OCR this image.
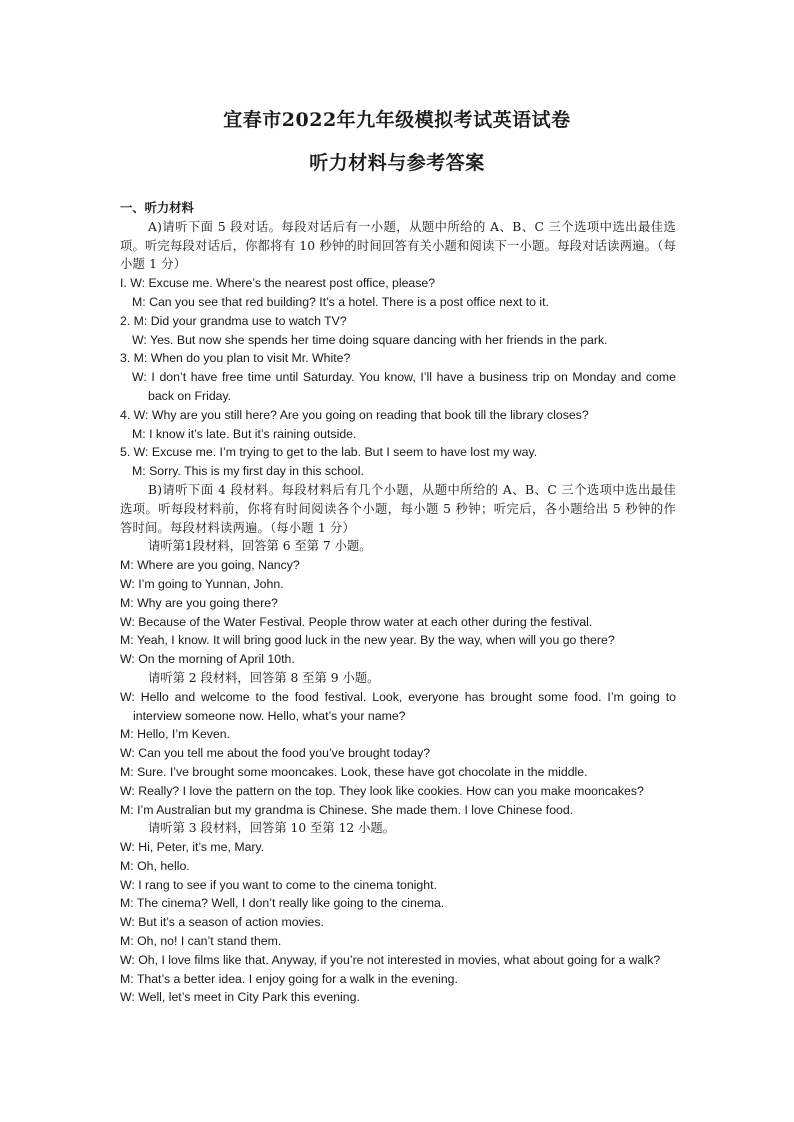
宜春市2022年九年级模拟考试英语试卷
听力材料与参考答案
一、听力材料
A)请听下面 5 段对话。每段对话后有一小题，从题中所给的 A、B、C 三个选项中选出最佳选项。听完每段对话后，你都将有 10 秒钟的时间回答有关小题和阅读下一小题。每段对话读两遍。（每小题 1 分）
I. W: Excuse me. Where’s the nearest post office, please?
M: Can you see that red building? It’s a hotel. There is a post office next to it.
2. M: Did your grandma use to watch TV?
W: Yes. But now she spends her time doing square dancing with her friends in the park.
3. M: When do you plan to visit Mr. White?
W: I don’t have free time until Saturday. You know, I’ll have a business trip on Monday and come back on Friday.
4. W: Why are you still here? Are you going on reading that book till the library closes?
M: I know it’s late. But it’s raining outside.
5. W: Excuse me. I’m trying to get to the lab. But I seem to have lost my way.
M: Sorry. This is my first day in this school.
B)请听下面 4 段材料。每段材料后有几个小题，从题中所给的 A、B、C 三个选项中选出最佳选项。听每段材料前，你将有时间阅读各个小题，每小题 5 秒钟；听完后，各小题给出 5 秒钟的作答时间。每段材料读两遍。（每小题 1 分）
请听第1段材料，回答第 6 至第 7 小题。
M: Where are you going, Nancy?
W: I’m going to Yunnan, John.
M: Why are you going there?
W: Because of the Water Festival. People throw water at each other during the festival.
M: Yeah, I know. It will bring good luck in the new year. By the way, when will you go there?
W: On the morning of April 10th.
请听第 2 段材料，回答第 8 至第 9 小题。
W: Hello and welcome to the food festival. Look, everyone has brought some food. I’m going to interview someone now. Hello, what’s your name?
M: Hello, I’m Keven.
W: Can you tell me about the food you’ve brought today?
M: Sure. I’ve brought some mooncakes. Look, these have got chocolate in the middle.
W: Really? I love the pattern on the top. They look like cookies. How can you make mooncakes?
M: I’m Australian but my grandma is Chinese. She made them. I love Chinese food.
请听第 3 段材料，回答第 10 至第 12 小题。
W: Hi, Peter, it’s me, Mary.
M: Oh, hello.
W: I rang to see if you want to come to the cinema tonight.
M: The cinema? Well, I don’t really like going to the cinema.
W: But it’s a season of action movies.
M: Oh, no! I can’t stand them.
W: Oh, I love films like that. Anyway, if you’re not interested in movies, what about going for a walk?
M: That’s a better idea. I enjoy going for a walk in the evening.
W: Well, let’s meet in City Park this evening.
